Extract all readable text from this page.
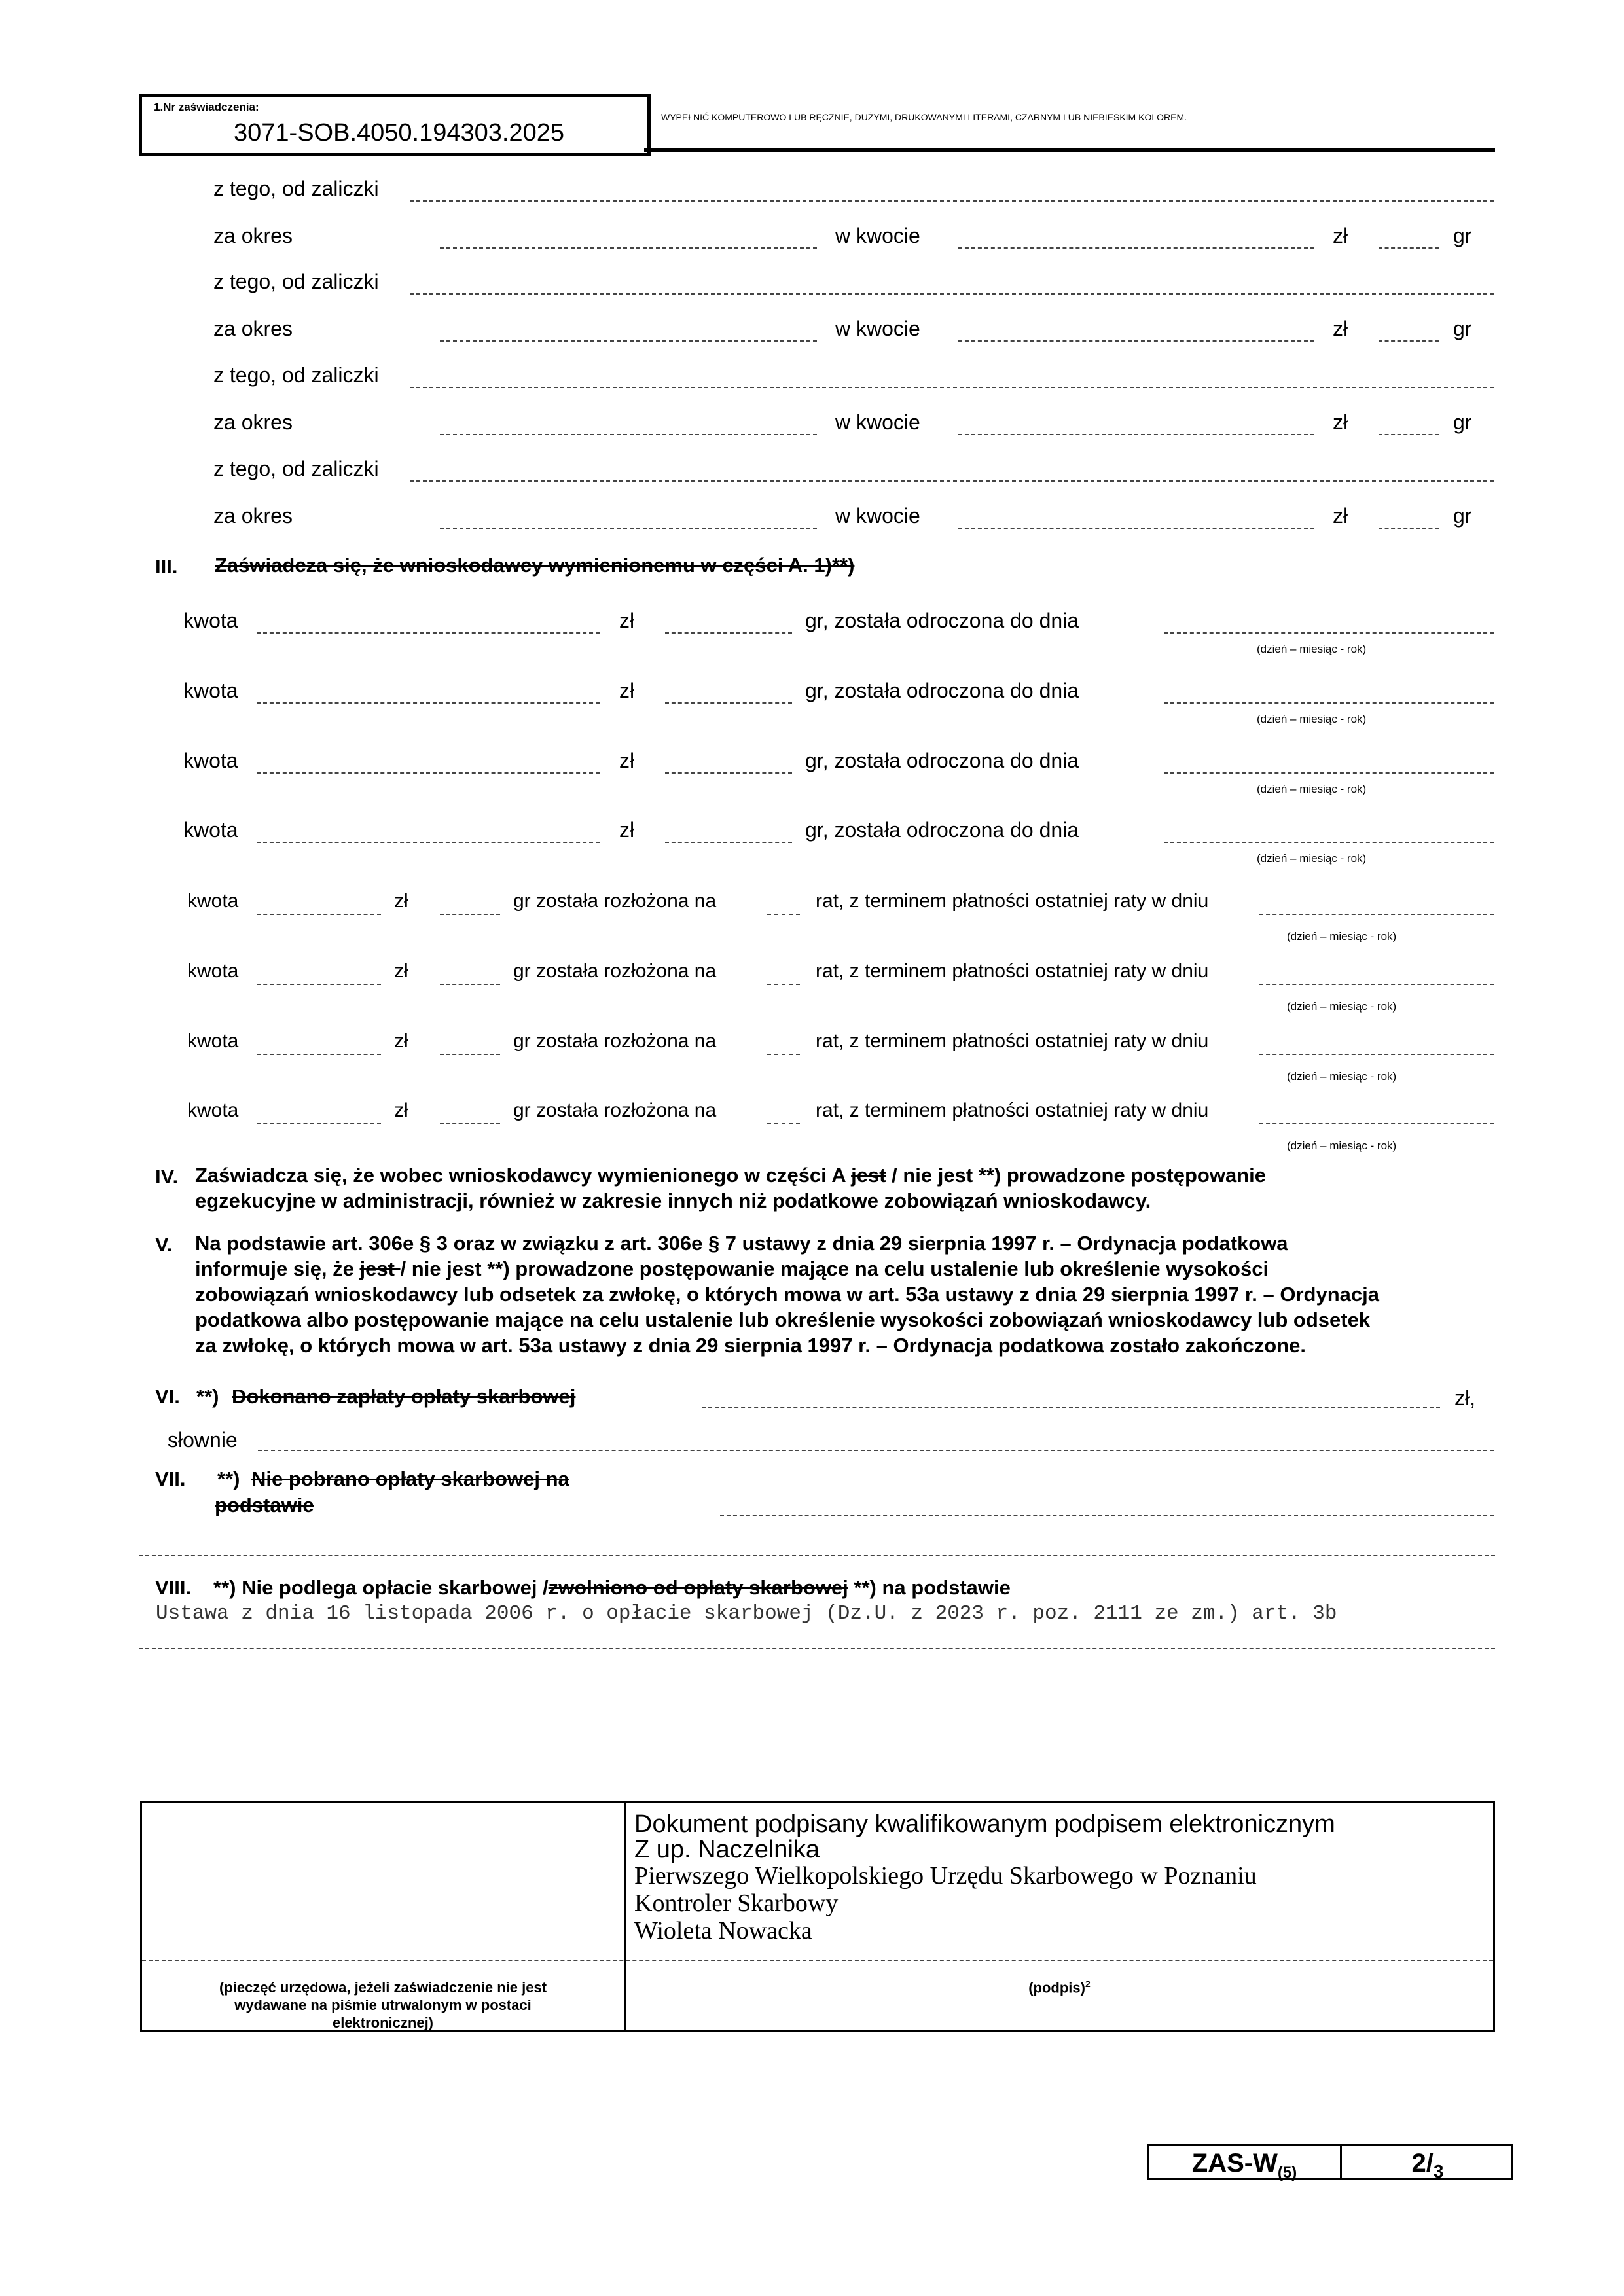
1.Nr zaświadczenia:
3071-SOB.4050.194303.2025
WYPEŁNIĆ KOMPUTEROWO LUB RĘCZNIE, DUŻYMI, DRUKOWANYMI LITERAMI, CZARNYM LUB NIEBIESKIM KOLOREM.
z tego, od zaliczki
za okres	w kwocie	zł	gr
z tego, od zaliczki
za okres	w kwocie	zł	gr
z tego, od zaliczki
za okres	w kwocie	zł	gr
z tego, od zaliczki
za okres	w kwocie	zł	gr
III. Zaświadcza się, że wnioskodawcy wymienionemu w części A. 1)**)
kwota	zł	gr, została odroczona do dnia
(dzień – miesiąc - rok)
kwota	zł	gr, została odroczona do dnia
(dzień – miesiąc - rok)
kwota	zł	gr, została odroczona do dnia
(dzień – miesiąc - rok)
kwota	zł	gr, została odroczona do dnia
(dzień – miesiąc - rok)
kwota	zł	gr została rozłożona na	rat, z terminem płatności ostatniej raty w dniu
(dzień – miesiąc - rok)
kwota	zł	gr została rozłożona na	rat, z terminem płatności ostatniej raty w dniu
(dzień – miesiąc - rok)
kwota	zł	gr została rozłożona na	rat, z terminem płatności ostatniej raty w dniu
(dzień – miesiąc - rok)
kwota	zł	gr została rozłożona na	rat, z terminem płatności ostatniej raty w dniu
(dzień – miesiąc - rok)
IV. Zaświadcza się, że wobec wnioskodawcy wymienionego w części A jest / nie jest **) prowadzone postępowanie
egzekucyjne w administracji, również w zakresie innych niż podatkowe zobowiązań wnioskodawcy.
V. Na podstawie art. 306e § 3 oraz w związku z art. 306e § 7 ustawy z dnia 29 sierpnia 1997 r. – Ordynacja podatkowa
informuje się, że jest / nie jest **) prowadzone postępowanie mające na celu ustalenie lub określenie wysokości
zobowiązań wnioskodawcy lub odsetek za zwłokę, o których mowa w art. 53a ustawy z dnia 29 sierpnia 1997 r. – Ordynacja
podatkowa albo postępowanie mające na celu ustalenie lub określenie wysokości zobowiązań wnioskodawcy lub odsetek
za zwłokę, o których mowa w art. 53a ustawy z dnia 29 sierpnia 1997 r. – Ordynacja podatkowa zostało zakończone.
VI. **) Dokonano zapłaty opłaty skarbowej	zł,
słownie
VII. **) Nie pobrano opłaty skarbowej na
podstawie
VIII. **) Nie podlega opłacie skarbowej /zwolniono od opłaty skarbowej **) na podstawie
Ustawa z dnia 16 listopada 2006 r. o opłacie skarbowej (Dz.U. z 2023 r. poz. 2111 ze zm.) art. 3b
Dokument podpisany kwalifikowanym podpisem elektronicznym
Z up. Naczelnika
Pierwszego Wielkopolskiego Urzędu Skarbowego w Poznaniu
Kontroler Skarbowy
Wioleta Nowacka
(pieczęć urzędowa, jeżeli zaświadczenie nie jest
wydawane na piśmie utrwalonym w postaci
elektronicznej)
(podpis)$^2$
ZAS-$W_{(5)}$	$2/_3$
